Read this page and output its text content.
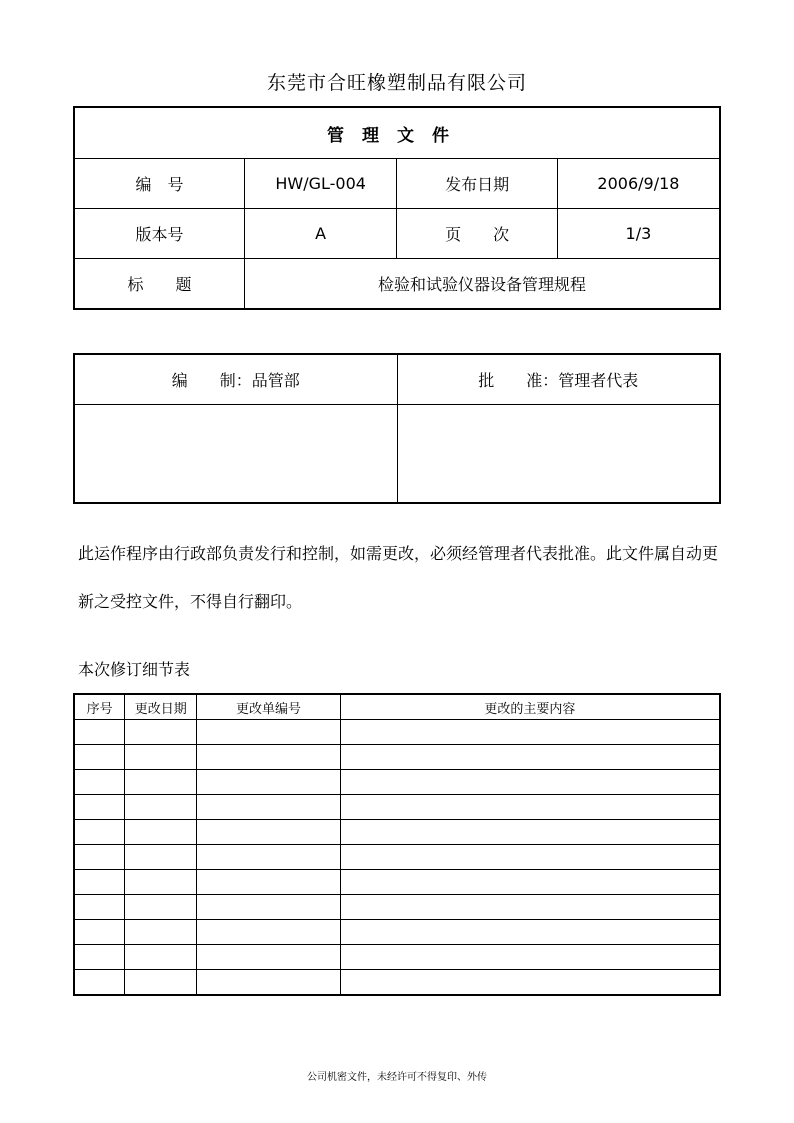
东莞市合旺橡塑制品有限公司
管理文件			
编　号	HW/GL-004	发布日期	2006/9/18
版本号	A	页　　次	1/3
标　　题	检验和试验仪器设备管理规程		
编　　制：品管部	批　　准：管理者代表

此运作程序由行政部负责发行和控制，如需更改，必须经管理者代表批准。此文件属自动更新之受控文件，不得自行翻印。
本次修订细节表
序号	更改日期	更改单编号	更改的主要内容

公司机密文件，未经许可不得复印、外传
